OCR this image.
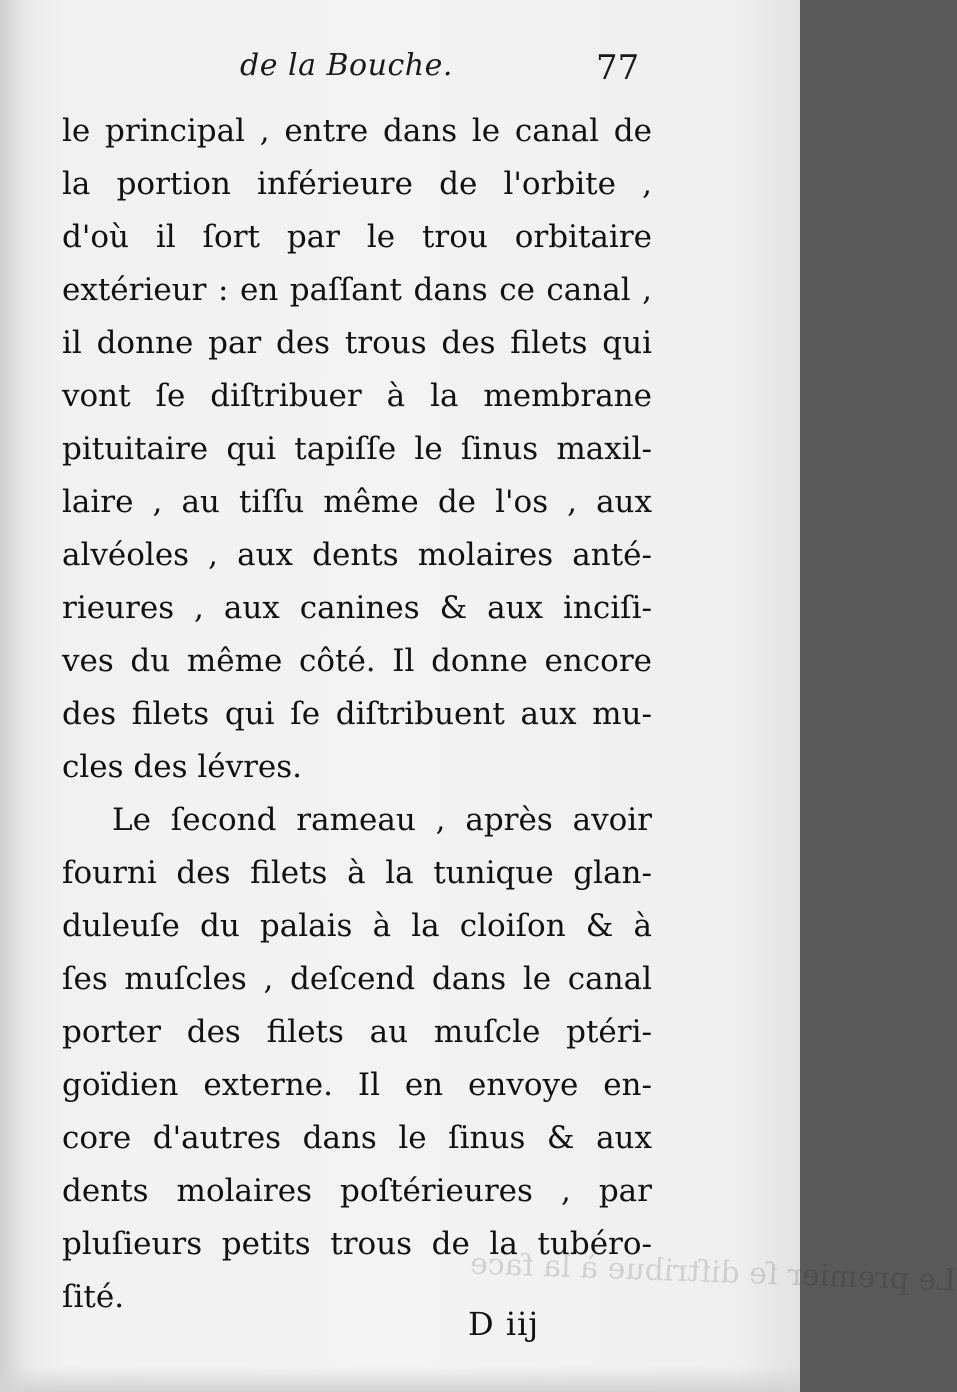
Le premier ſe diſtribue à la face
de la Bouche.	77
le principal , entre dans le canal de
la portion inférieure de l'orbite ,
d'où il ſort par le trou orbitaire
extérieur : en paſſant dans ce canal ,
il donne par des trous des filets qui
vont ſe diſtribuer à la membrane
pituitaire qui tapiſſe le ſinus maxil-
laire , au tiſſu même de l'os , aux
alvéoles , aux dents molaires anté-
rieures , aux canines & aux inciſi-
ves du même côté. Il donne encore
des filets qui ſe diſtribuent aux mu-
cles des lévres.
Le ſecond rameau , après avoir
fourni des filets à la tunique glan-
duleuſe du palais à la cloiſon & à
ſes muſcles , deſcend dans le canal
porter des filets au muſcle ptéri-
goïdien externe. Il en envoye en-
core d'autres dans le ſinus & aux
dents molaires poſtérieures , par
pluſieurs petits trous de la tubéro-
ſité.
D iij
